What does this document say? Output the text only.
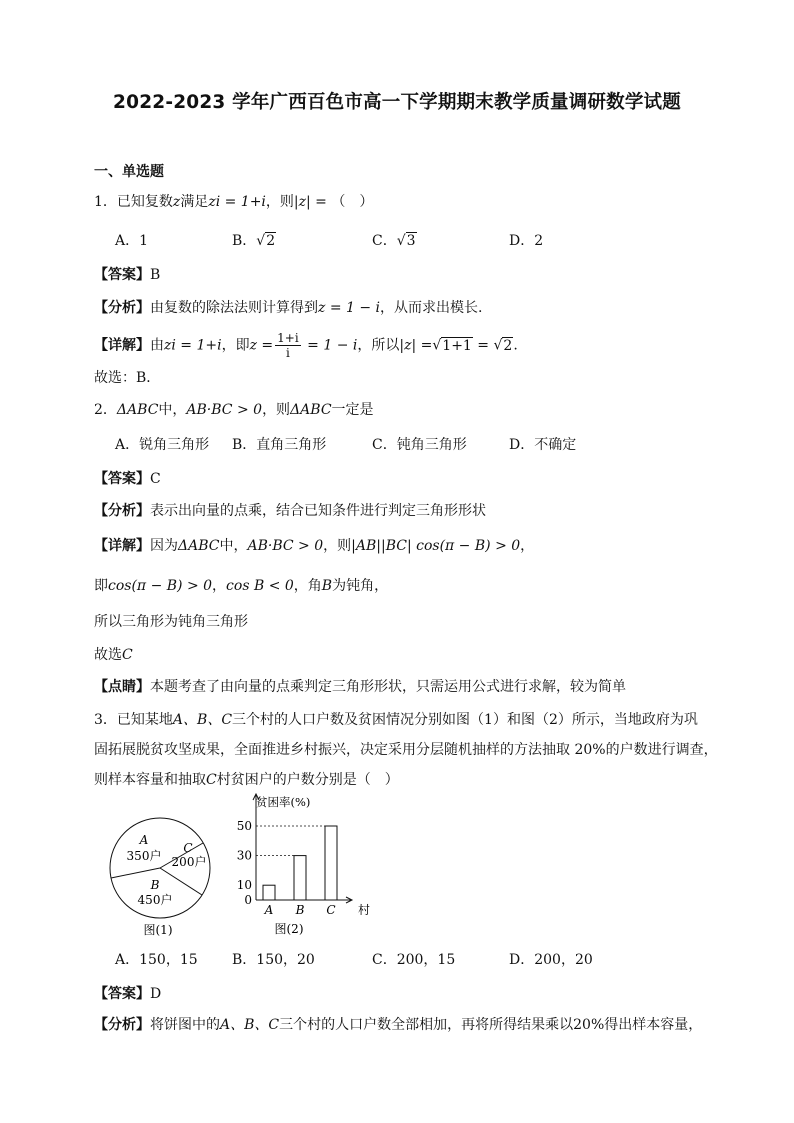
2022-2023 学年广西百色市高一下学期期末教学质量调研数学试题
一、单选题
1．已知复数z满足zi = 1+i，则|z| = （　）
A．1	B．√2	C．√3	D．2
【答案】B
【分析】由复数的除法法则计算得到z = 1 − i，从而求出模长.
【详解】由zi = 1+i，即$z = \frac{1+i}{i} = 1 - i$，所以|z| =√1+1 = √2.
故选：B．
2．ΔABC中，AB·BC > 0，则ΔABC一定是
A．锐角三角形 B．直角三角形	C．钝角三角形	D．不确定
【答案】C
【分析】表示出向量的点乘，结合已知条件进行判定三角形形状
【详解】因为ΔABC中，AB·BC > 0，则|AB||BC| cos(π − B) > 0，
即cos(π − B) > 0，cos B < 0，角B为钝角，
所以三角形为钝角三角形
故选C
【点睛】本题考查了由向量的点乘判定三角形形状，只需运用公式进行求解，较为简单
3．已知某地A、B、C三个村的人口户数及贫困情况分别如图（1）和图（2）所示，当地政府为巩
固拓展脱贫攻坚成果，全面推进乡村振兴，决定采用分层随机抽样的方法抽取 20%的户数进行调查，
则样本容量和抽取C村贫困户的户数分别是（　）
A
350户
C
200户
B
450户
图(1)
贫困率(%)
村
0
10
30
50
A B C
图(2)
A．150，15 B．150，20	C．200，15	D．200，20
【答案】D
【分析】将饼图中的A、B、C三个村的人口户数全部相加，再将所得结果乘以20%得出样本容量，
